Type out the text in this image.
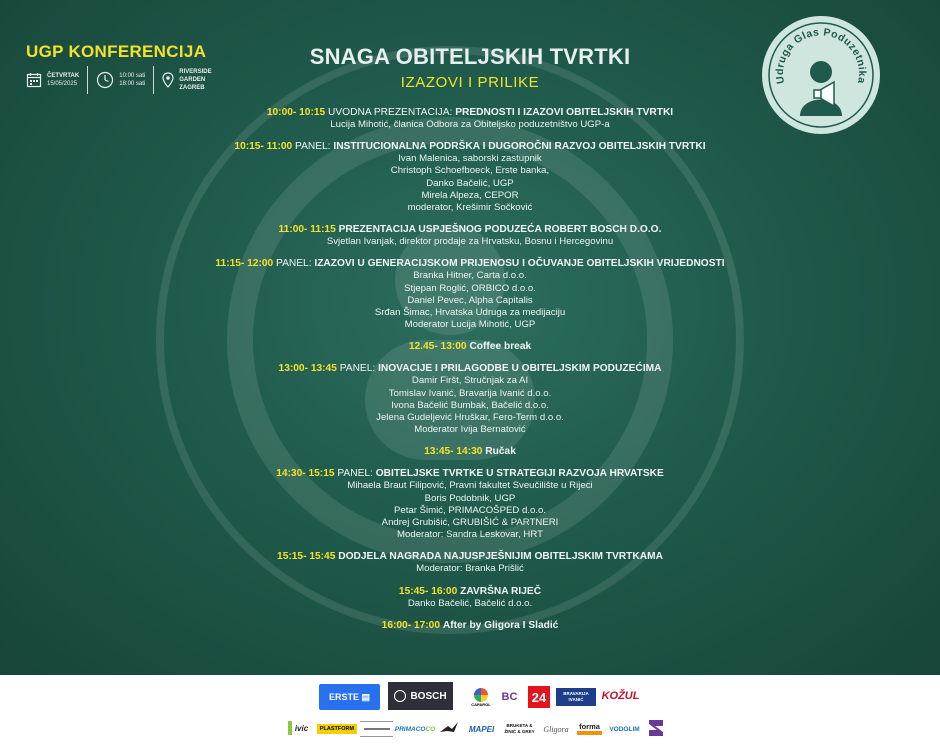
UGP KONFERENCIJA
ČETVRTAK
15/05/2025
10:00 sati
18:00 sati
RIVERSIDE
GARDEN
ZAGREB
SNAGA OBITELJSKIH TVRTKI
IZAZOVI I PRILIKE	Udruga Glas Poduzetnika
10:00- 10:15 UVODNA PREZENTACIJA: PREDNOSTI I IZAZOVI OBITELJSKIH TVRTKI
Lucija Mihotić, članica Odbora za Obiteljsko poduzetništvo UGP-a
10:15- 11:00 PANEL: INSTITUCIONALNA PODRŠKA I DUGOROČNI RAZVOJ OBITELJSKIH TVRTKI
Ivan Malenica, saborski zastupnik
Christoph Schoefboeck, Erste banka,
Danko Bačelić, UGP
Mirela Alpeza, CEPOR
moderator, Krešimir Sočković
11:00- 11:15 PREZENTACIJA USPJEŠNOG PODUZEĆA ROBERT BOSCH D.O.O.
Svjetlan Ivanjak, direktor prodaje za Hrvatsku, Bosnu i Hercegovinu
11:15- 12:00 PANEL: IZAZOVI U GENERACIJSKOM PRIJENOSU I OČUVANJE OBITELJSKIH VRIJEDNOSTI
Branka Hitner, Carta d.o.o.
Stjepan Roglić, ORBICO d.o.o.
Daniel Pevec, Alpha Capitalis
Srđan Šimac, Hrvatska Udruga za medijaciju
Moderator Lucija Mihotić, UGP
12.45- 13:00 Coffee break
13:00- 13:45 PANEL: INOVACIJE I PRILAGODBE U OBITELJSKIM PODUZEĆIMA
Damir Firšt, Stručnjak za AI
Tomislav Ivanić, Bravarija Ivanić d.o.o.
Ivona Bačelić Bumbak, Bačelić d.o.o.
Jelena Gudeljević Hruškar, Fero-Term d.o.o.
Moderator Ivija Bernatović
13:45- 14:30 Ručak
14:30- 15:15 PANEL: OBITELJSKE TVRTKE U STRATEGIJI RAZVOJA HRVATSKE
Mihaela Braut Filipović, Pravni fakultet Sveučilište u Rijeci
Boris Podobnik, UGP
Petar Šimić, PRIMACOŠPED d.o.o.
Andrej Grubišić, GRUBIŠIĆ & PARTNERI
Moderator: Sandra Leskovar, HRT
15:15- 15:45 DODJELA NAGRADA NAJUSPJEŠNIJIM OBITELJSKIM TVRTKAMA
Moderator: Branka Prišlić
15:45- 16:00 ZAVRŠNA RIJEČ
Danko Bačelić, Bačelić d.o.o.
16:00- 17:00 After by Gligora I Sladić
ERSTE
▤	BOSCH
CAPAROL
BC 24	BRAVARIJA IVANIĆ	KOŽUL
ivic PLASTFORM	PRIMACO CO	MAPEI	BRUKETA & ŽINIĆ & GREY Gligora forma VODOLIM
